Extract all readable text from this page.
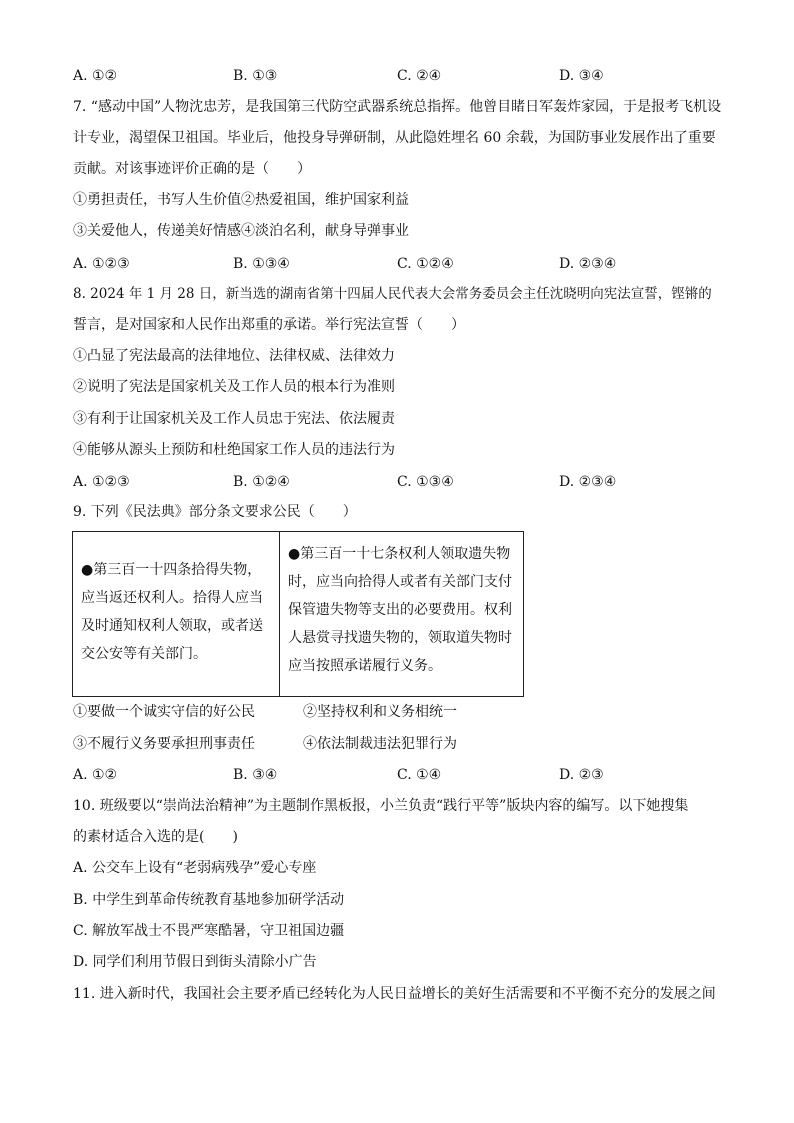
A. ①②	B. ①③	C. ②④	D. ③④
7. “感动中国”人物沈忠芳，是我国第三代防空武器系统总指挥。他曾目睹日军轰炸家园，于是报考飞机设
计专业，渴望保卫祖国。毕业后，他投身导弹研制，从此隐姓埋名 60 余载，为国防事业发展作出了重要
贡献。对该事迹评价正确的是（　　）
①勇担责任，书写人生价值②热爱祖国，维护国家利益
③关爱他人，传递美好情感④淡泊名利，献身导弹事业
A. ①②③	B. ①③④	C. ①②④	D. ②③④
8. 2024 年 1 月 28 日，新当选的湖南省第十四届人民代表大会常务委员会主任沈晓明向宪法宣誓，铿锵的
誓言，是对国家和人民作出郑重的承诺。举行宪法宣誓（　　）
①凸显了宪法最高的法律地位、法律权威、法律效力
②说明了宪法是国家机关及工作人员的根本行为准则
③有利于让国家机关及工作人员忠于宪法、依法履责
④能够从源头上预防和杜绝国家工作人员的违法行为
A. ①②③	B. ①②④	C. ①③④	D. ②③④
9. 下列《民法典》部分条文要求公民（　　）
●第三百一十四条拾得失物，应当返还权利人。拾得人应当及时通知权利人领取，或者送交公安等有关部门。	●第三百一十七条权利人领取遗失物时，应当向拾得人或者有关部门支付保管遗失物等支出的必要费用。权利人悬赏寻找遗失物的，领取道失物时应当按照承诺履行义务。
①要做一个诚实守信的好公民	②坚持权利和义务相统一
③不履行义务要承担刑事责任	④依法制裁违法犯罪行为
A. ①②	B. ③④	C. ①④	D. ②③
10. 班级要以“崇尚法治精神”为主题制作黑板报，小兰负责“践行平等”版块内容的编写。以下她搜集
的素材适合入选的是(　　)
A. 公交车上设有“老弱病残孕”爱心专座
B. 中学生到革命传统教育基地参加研学活动
C. 解放军战士不畏严寒酷暑，守卫祖国边疆
D. 同学们利用节假日到街头清除小广告
11. 进入新时代，我国社会主要矛盾已经转化为人民日益增长的美好生活需要和不平衡不充分的发展之间
